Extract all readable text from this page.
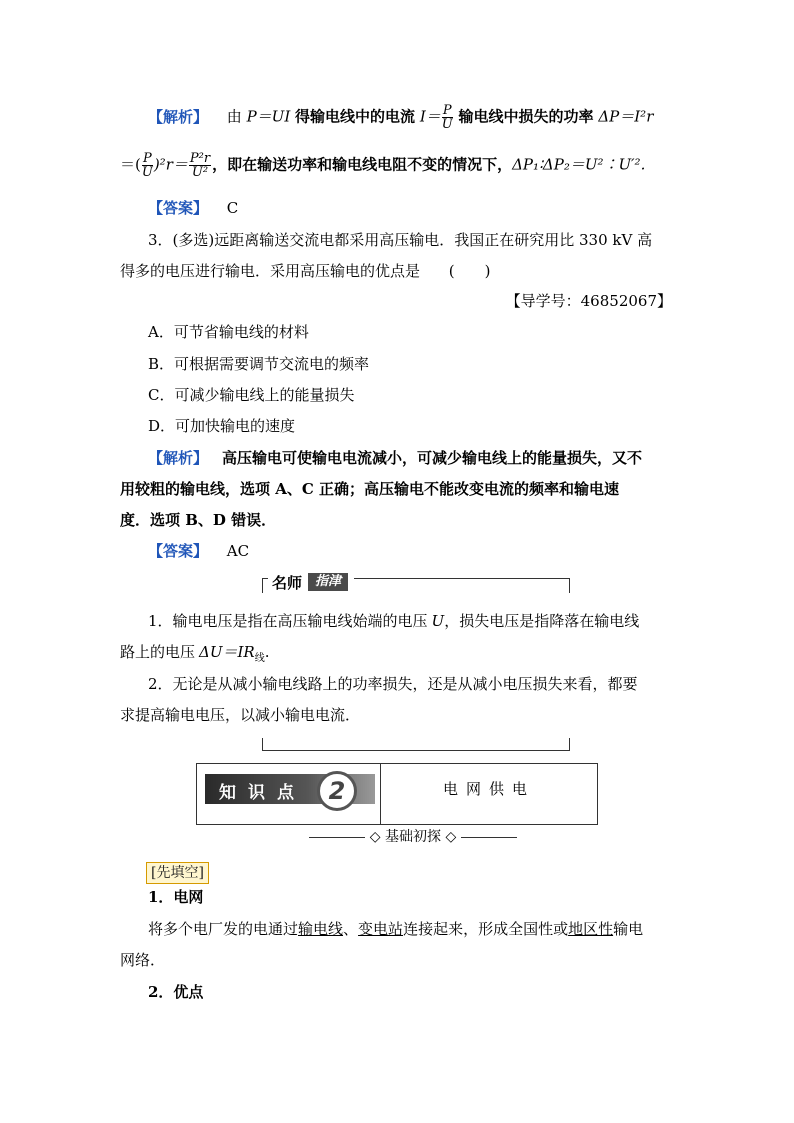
【解析】 由 P＝UI 得输电线中的电流 $I= \frac{P}{U}$ 输电线中损失的功率 ΔP＝I²r
＝( $\frac{P}{U} )^2r= \frac{\text{P²r}}{\text{U²}}$ ，即在输送功率和输电线电阻不变的情况下，ΔP₁∶ΔP₂＝U²∶U′².
【答案】 C
3．(多选)远距离输送交流电都采用高压输电．我国正在研究用比 330 kV 高
得多的电压进行输电．采用高压输电的优点是 (　　)
【导学号：46852067】
A．可节省输电线的材料
B．可根据需要调节交流电的频率
C．可减少输电线上的能量损失
D．可加快输电的速度
【解析】 高压输电可使输电电流减小，可减少输电线上的能量损失，又不
用较粗的输电线，选项 A、C 正确；高压输电不能改变电流的频率和输电速
度．选项 B、D 错误．
【答案】 AC
名师 指津
1．输电电压是指在高压输电线始端的电压 U，损失电压是指降落在输电线
路上的电压 $\Delta U=IR_线$.
2．无论是从减小输电线路上的功率损失，还是从减小电压损失来看，都要
求提高输电电压，以减小输电电流．
知识点 2	电网供电
◇ 基础初探 ◇
[先填空]
1．电网
将多个电厂发的电通过输电线、变电站连接起来，形成全国性或地区性输电
网络．
2．优点
